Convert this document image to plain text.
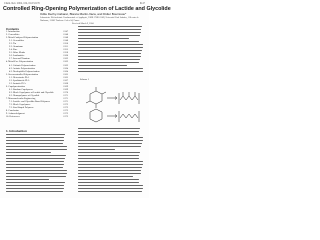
Chem. Rev. 2004, 104, 6147-6176	6147
Controlled Ring-Opening Polymerization of Lactide and Glycolide
Odile Dechy-Cabaret, Blanca Martin-Vaca, and Didier Bourissou*
Laboratoire Hétérochimie Fondamentale et Appliquée, UMR CNRS 5069, Université Paul Sabatier, 118 route de Narbonne, 31062 Toulouse Cedex 04, France
Received March 9, 2004
Contents
1. Introduction	6147
2. Generalities	6148
3. Metal-Catalyzed Polymerization	6148
3.1. Generalities	6148
3.2. Tin	6150
3.3. Aluminum	6151
3.4. Zinc	6155
3.5. Other Metals	6158
3.6. Lanthanides	6160
3.7. Iron and Titanium	6162
4. Metal-Free Polymerization	6163
4.1. Cationic Polymerization	6163
4.2. Anionic Polymerization	6164
4.3. Nucleophilic Polymerization	6164
5. Stereocontrolled Polymerization	6165
5.1. Heterotactic PLA	6165
5.2. Syndiotactic PLA	6167
5.3. Isotactic PLA	6168
6. Copolymerization	6169
6.1. Random Copolymers	6169
6.2. Block Copolymers of Lactide and Glycolide	6170
6.3. Homopolymers of Glycolide	6171
7. Macromolecular Engineering	6171
7.1. Lactide- and Glycolide-Based Polymers	6171
7.2. Block Copolymers	6172
7.3. Star-Shaped Polymers	6173
8. Conclusion	6173
9. Acknowledgment	6173
10. References	6173
1. Introduction
Scheme 1
